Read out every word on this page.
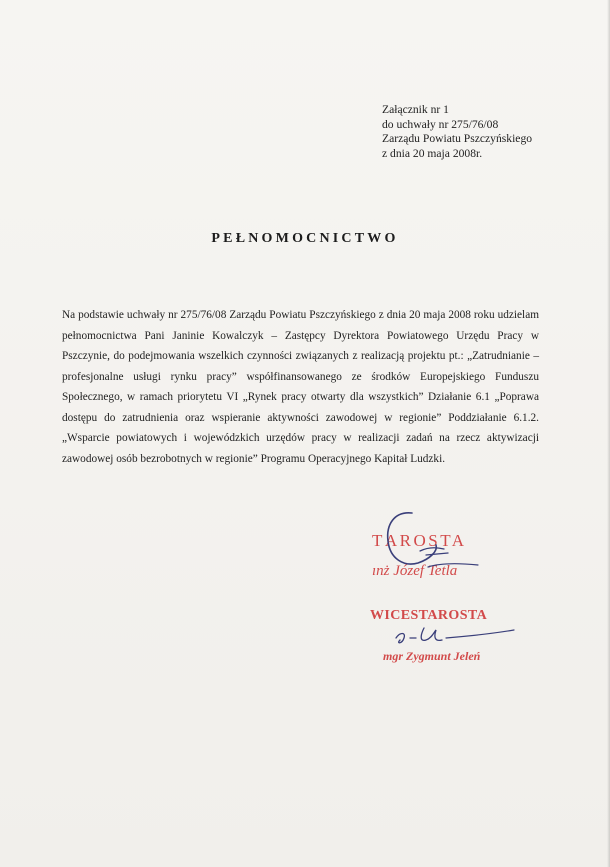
Załącznik nr 1
do uchwały nr 275/76/08
Zarządu Powiatu Pszczyńskiego
z dnia 20 maja 2008r.
PEŁNOMOCNICTWO
Na podstawie uchwały nr 275/76/08 Zarządu Powiatu Pszczyńskiego z dnia 20 maja 2008 roku udzielam pełnomocnictwa Pani Janinie Kowalczyk – Zastępcy Dyrektora Powiatowego Urzędu Pracy w Pszczynie, do podejmowania wszelkich czynności związanych z realizacją projektu pt.: „Zatrudnianie – profesjonalne usługi rynku pracy” współfinansowanego ze środków Europejskiego Funduszu Społecznego, w ramach priorytetu VI „Rynek pracy otwarty dla wszystkich” Działanie 6.1 „Poprawa dostępu do zatrudnienia oraz wspieranie aktywności zawodowej w regionie” Poddziałanie 6.1.2. „Wsparcie powiatowych i wojewódzkich urzędów pracy w realizacji zadań na rzecz aktywizacji zawodowej osób bezrobotnych w regionie” Programu Operacyjnego Kapitał Ludzki.
ТAROSTA
ınż Józef Tetla
WICESTAROSTA
mgr Zygmunt Jeleń
